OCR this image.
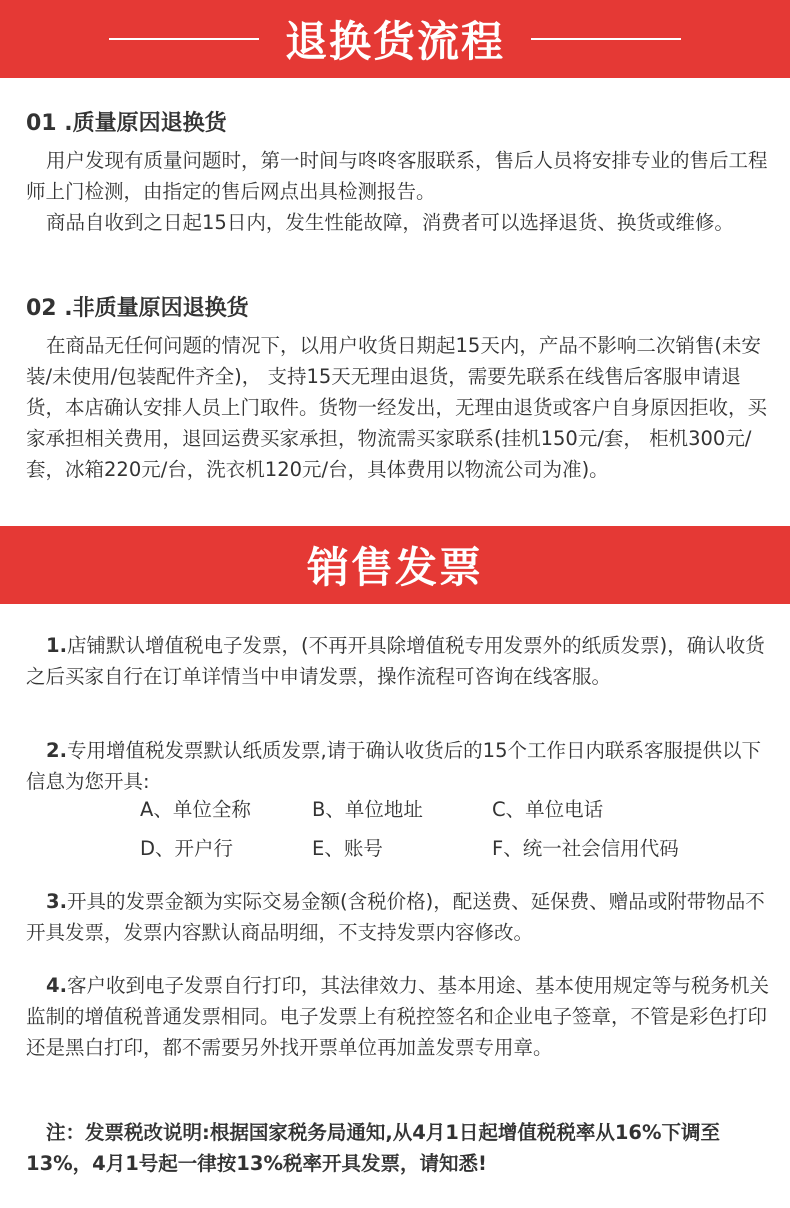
退换货流程
01 .质量原因退换货

用户发现有质量问题时，第一时间与咚咚客服联系，售后人员将安排专业的售后工程师上门检测，由指定的售后网点出具检测报告。

商品自收到之日起15日内，发生性能故障，消费者可以选择退货、换货或维修。

02 .非质量原因退换货

在商品无任何问题的情况下，以用户收货日期起15天内，产品不影响二次销售(未安装/未使用/包装配件齐全)， 支持15天无理由退货，需要先联系在线售后客服申请退货，本店确认安排人员上门取件。货物一经发出，无理由退货或客户自身原因拒收，买家承担相关费用，退回运费买家承担，物流需买家联系(挂机150元/套， 柜机300元/套，冰箱220元/台，洗衣机120元/台，具体费用以物流公司为准)。

销售发票

1.店铺默认增值税电子发票，(不再开具除增值税专用发票外的纸质发票)，确认收货之后买家自行在订单详情当中申请发票，操作流程可咨询在线客服。

2.专用增值税发票默认纸质发票,请于确认收货后的15个工作日内联系客服提供以下信息为您开具:

A、单位全称	B、单位地址	C、单位电话
D、开户行	E、账号	F、统一社会信用代码

3.开具的发票金额为实际交易金额(含税价格)，配送费、延保费、赠品或附带物品不开具发票，发票内容默认商品明细，不支持发票内容修改。

4.客户收到电子发票自行打印，其法律效力、基本用途、基本使用规定等与税务机关监制的增值税普通发票相同。电子发票上有税控签名和企业电子签章，不管是彩色打印还是黑白打印，都不需要另外找开票单位再加盖发票专用章。

注：发票税改说明:根据国家税务局通知,从4月1日起增值税税率从16%下调至13%，4月1号起一律按13%税率开具发票，请知悉!
